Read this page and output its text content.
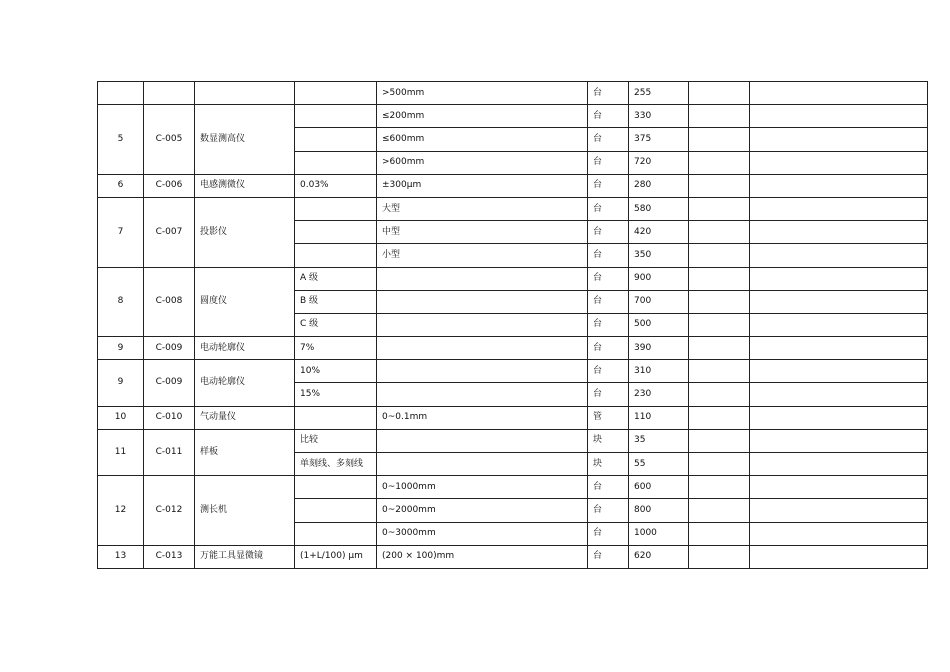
				>500mm	台	255		
5	C-005	数显测高仪		≤200mm	台	330		
				≤600mm	台	375		
				>600mm	台	720		
6	C-006	电感测微仪	0.03%	±300μm	台	280		
7	C-007	投影仪		大型	台	580		
				中型	台	420		
				小型	台	350		
8	C-008	圆度仪	A 级		台	900		
			B 级		台	700		
			C 级		台	500		
9	C-009	电动轮廓仪	7%		台	390		
9	C-009	电动轮廓仪	10%		台	310		
			15%		台	230		
10	C-010	气动量仪		0~0.1mm	管	110		
11	C-011	样板	比较		块	35		
			单刻线、多刻线		块	55		
12	C-012	测长机		0~1000mm	台	600		
				0~2000mm	台	800		
				0~3000mm	台	1000		
13	C-013	万能工具显微镜	(1+L/100) μm	(200 × 100)mm	台	620		
